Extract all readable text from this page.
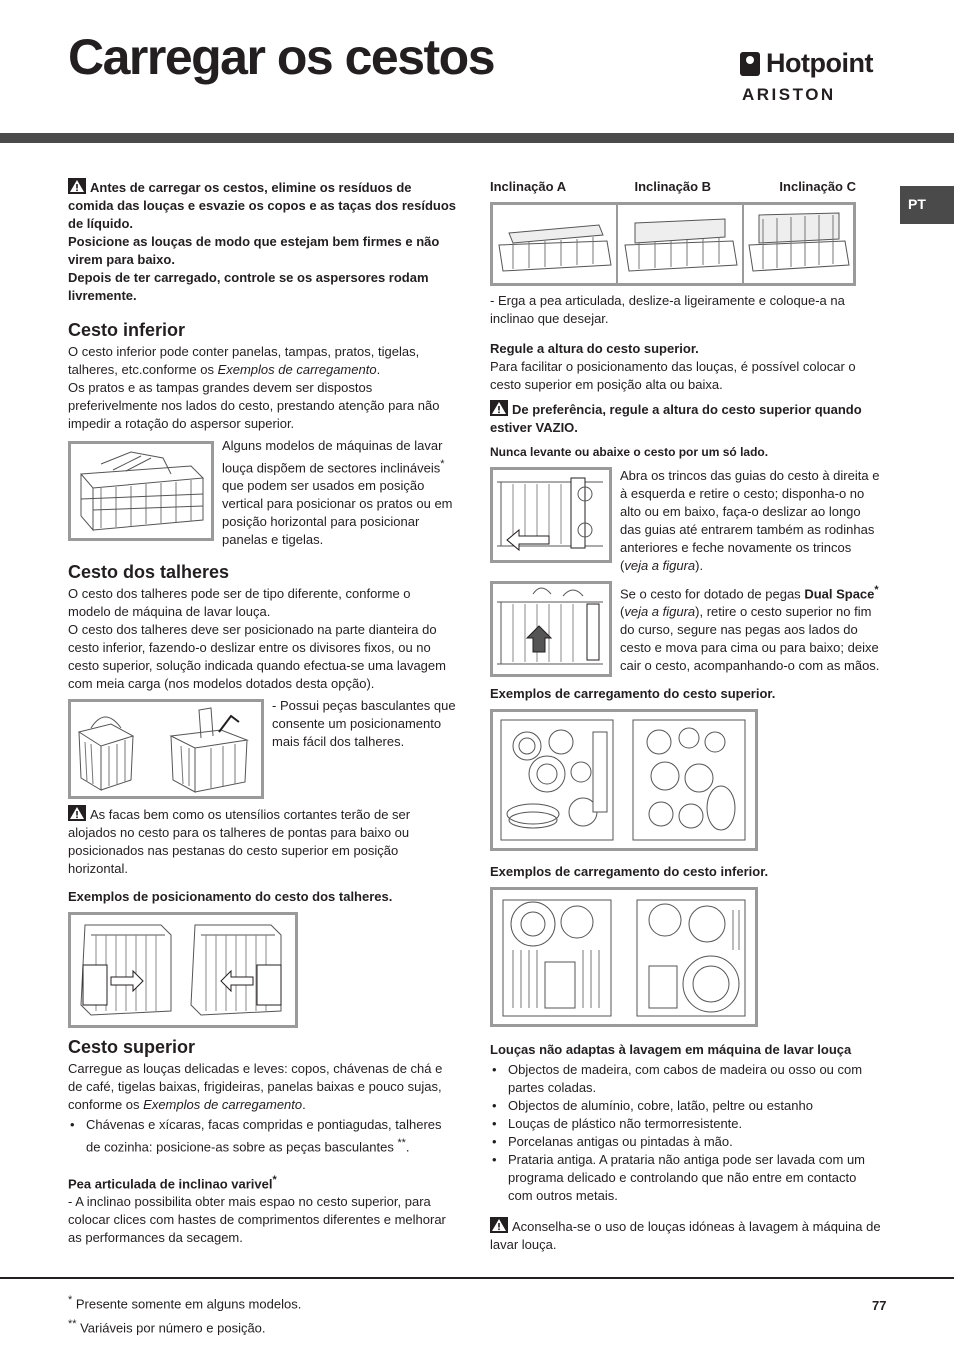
Carregar os cestos	Hotpoint
ARISTON
PT
Antes de carregar os cestos, elimine os resíduos de comida das louças e esvazie os copos e as taças dos resíduos de líquido.
Posicione as louças de modo que estejam bem firmes e não virem para baixo.
Depois de ter carregado, controle se os aspersores rodam livremente.
Cesto inferior
O cesto inferior pode conter panelas, tampas, pratos, tigelas, talheres, etc.conforme os Exemplos de carregamento.
Os pratos e as tampas grandes devem ser dispostos preferivelmente nos lados do cesto, prestando atenção para não impedir a rotação do aspersor superior.
Alguns modelos de máquinas de lavar louça dispõem de sectores inclináveis* que podem ser usados em posição vertical para posicionar os pratos ou em posição horizontal para posicionar panelas e tigelas.
Cesto dos talheres
O cesto dos talheres pode ser de tipo diferente, conforme o modelo de máquina de lavar louça.
O cesto dos talheres deve ser posicionado na parte dianteira do cesto inferior, fazendo-o deslizar entre os divisores fixos, ou no cesto superior, solução indicada quando efectua-se uma lavagem com meia carga (nos modelos dotados desta opção).
- Possui peças basculantes que consente um posicionamento mais fácil dos talheres.
As facas bem como os utensílios cortantes terão de ser alojados no cesto para os talheres de pontas para baixo ou posicionados nas pestanas do cesto superior em posição horizontal.
Exemplos de posicionamento do cesto dos talheres.
Cesto superior
Carregue as louças delicadas e leves: copos, chávenas de chá e de café, tigelas baixas, frigideiras, panelas baixas e pouco sujas, conforme os Exemplos de carregamento.
• Chávenas e xícaras, facas compridas e pontiagudas, talheres de cozinha: posicione-as sobre as peças basculantes **.
Pea articulada de inclinao varivel*
- A inclinao possibilita obter mais espao no cesto superior, para colocar clices com hastes de comprimentos diferentes e melhorar as performances da secagem.
Inclinação A	Inclinação B	Inclinação C
- Erga a pea articulada, deslize-a ligeiramente e coloque-a na inclinao que desejar.
Regule a altura do cesto superior.
Para facilitar o posicionamento das louças, é possível colocar o cesto superior em posição alta ou baixa.
De preferência, regule a altura do cesto superior quando estiver VAZIO.
Nunca levante ou abaixe o cesto por um só lado.
Abra os trincos das guias do cesto à direita e à esquerda e retire o cesto; disponha-o no alto ou em baixo, faça-o deslizar ao longo das guias até entrarem também as rodinhas anteriores e feche novamente os trincos (veja a figura).
Se o cesto for dotado de pegas Dual Space* (veja a figura), retire o cesto superior no fim do curso, segure nas pegas aos lados do cesto e mova para cima ou para baixo; deixe cair o cesto, acompanhando-o com as mãos.
Exemplos de carregamento do cesto superior.
Exemplos de carregamento do cesto inferior.
Louças não adaptas à lavagem em máquina de lavar louça
• Objectos de madeira, com cabos de madeira ou osso ou com partes coladas.
• Objectos de alumínio, cobre, latão, peltre ou estanho
• Louças de plástico não termorresistente.
• Porcelanas antigas ou pintadas à mão.
• Prataria antiga. A prataria não antiga pode ser lavada com um programa delicado e controlando que não entre em contacto com outros metais.
Aconselha-se o uso de louças idóneas à lavagem à máquina de lavar louça.
* Presente somente em alguns modelos.
** Variáveis por número e posição.
77
